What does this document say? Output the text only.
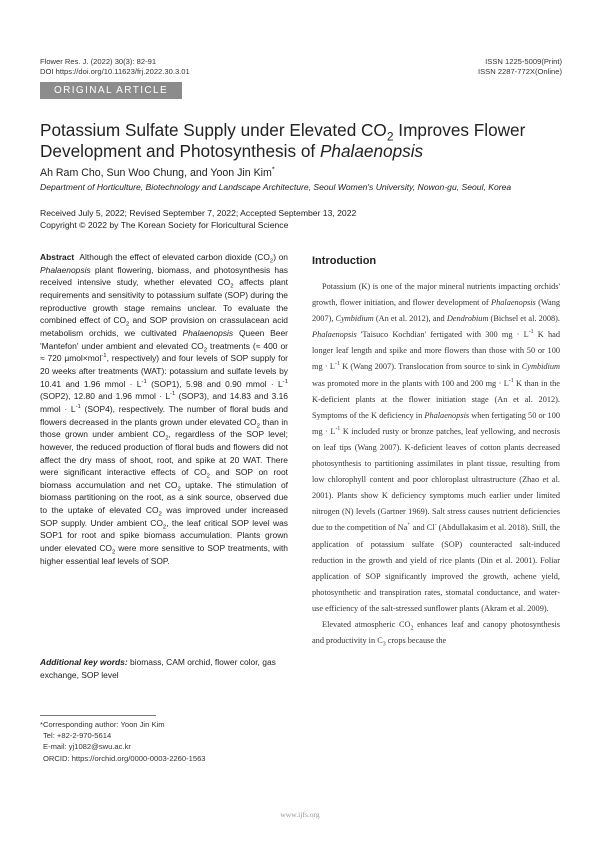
Flower Res. J. (2022) 30(3): 82-91
DOI https://doi.org/10.11623/frj.2022.30.3.01
ISSN 1225-5009(Print)
ISSN 2287-772X(Online)
ORIGINAL ARTICLE
Potassium Sulfate Supply under Elevated $CO_2$ Improves Flower
Development and Photosynthesis of Phalaenopsis
Ah Ram Cho, Sun Woo Chung, and Yoon Jin Kim*
Department of Horticulture, Biotechnology and Landscape Architecture, Seoul Women's University, Nowon-gu, Seoul, Korea
Received July 5, 2022; Revised September 7, 2022; Accepted September 13, 2022
Copyright © 2022 by The Korean Society for Floricultural Science
Abstract Although the effect of elevated carbon dioxide $(CO_2)$ on Phalaenopsis plant flowering, biomass, and photosynthesis has received intensive study, whether elevated $CO_2$ affects plant requirements and sensitivity to potassium sulfate (SOP) during the reproductive growth stage remains unclear. To evaluate the combined effect of $CO_2$ and SOP provision on crassulacean acid metabolism orchids, we cultivated Phalaenopsis Queen Beer 'Mantefon' under ambient and elevated $CO_2$ treatments (≈ 400 or ≈ 720 μmol×mol$^{-1}$, respectively) and four levels of SOP supply for 20 weeks after treatments (WAT): potassium and sulfate levels by 10.41 and 1.96 mmol · $L^{-1}$ (SOP1), 5.98 and 0.90 mmol · $L^{-1}$ (SOP2), 12.80 and 1.96 mmol · $L^{-1}$ (SOP3), and 14.83 and 3.16 mmol · $L^{-1}$ (SOP4), respectively. The number of floral buds and flowers decreased in the plants grown under elevated $CO_2$ than in those grown under ambient $CO_2$, regardless of the SOP level; however, the reduced production of floral buds and flowers did not affect the dry mass of shoot, root, and spike at 20 WAT. There were significant interactive effects of $CO_2$ and SOP on root biomass accumulation and net $CO_2$ uptake. The stimulation of biomass partitioning on the root, as a sink source, observed due to the uptake of elevated $CO_2$ was improved under increased SOP supply. Under ambient $CO_2$, the leaf critical SOP level was SOP1 for root and spike biomass accumulation. Plants grown under elevated $CO_2$ were more sensitive to SOP treatments, with higher essential leaf levels of SOP.
Additional key words: biomass, CAM orchid, flower color, gas exchange, SOP level
*Corresponding author: Yoon Jin Kim
Tel: +82-2-970-5614
E-mail: yj1082@swu.ac.kr
ORCID: https://orchid.org/0000-0003-2260-1563
Introduction

Potassium (K) is one of the major mineral nutrients impacting orchids' growth, flower initiation, and flower development of Phalaenopsis (Wang 2007), Cymbidium (An et al. 2012), and Dendrobium (Bichsel et al. 2008). Phalaenopsis 'Taisuco Kochdian' fertigated with 300 mg · $L^{-1}$ K had longer leaf length and spike and more flowers than those with 50 or 100 mg · $L^{-1}$ K (Wang 2007). Translocation from source to sink in Cymbidium was promoted more in the plants with 100 and 200 mg · $L^{-1}$ K than in the K-deficient plants at the flower initiation stage (An et al. 2012). Symptoms of the K deficiency in Phalaenopsis when fertigating 50 or 100 mg · $L^{-1}$ K included rusty or bronze patches, leaf yellowing, and necrosis on leaf tips (Wang 2007). K-deficient leaves of cotton plants decreased photosynthesis to partitioning assimilates in plant tissue, resulting from low chlorophyll content and poor chloroplast ultrastructure (Zhao et al. 2001). Plants show K deficiency symptoms much earlier under limited nitrogen (N) levels (Gartner 1969). Salt stress causes nutrient deficiencies due to the competition of Na+ and Cl- (Abdullakasim et al. 2018). Still, the application of potassium sulfate (SOP) counteracted salt-induced reduction in the growth and yield of rice plants (Din et al. 2001). Foliar application of SOP significantly improved the growth, achene yield, photosynthetic and transpiration rates, stomatal conductance, and water-use efficiency of the salt-stressed sunflower plants (Akram et al. 2009).

Elevated atmospheric $CO_2$ enhances leaf and canopy photosynthesis and productivity in $C_3$ crops because the

www.ijfs.org
